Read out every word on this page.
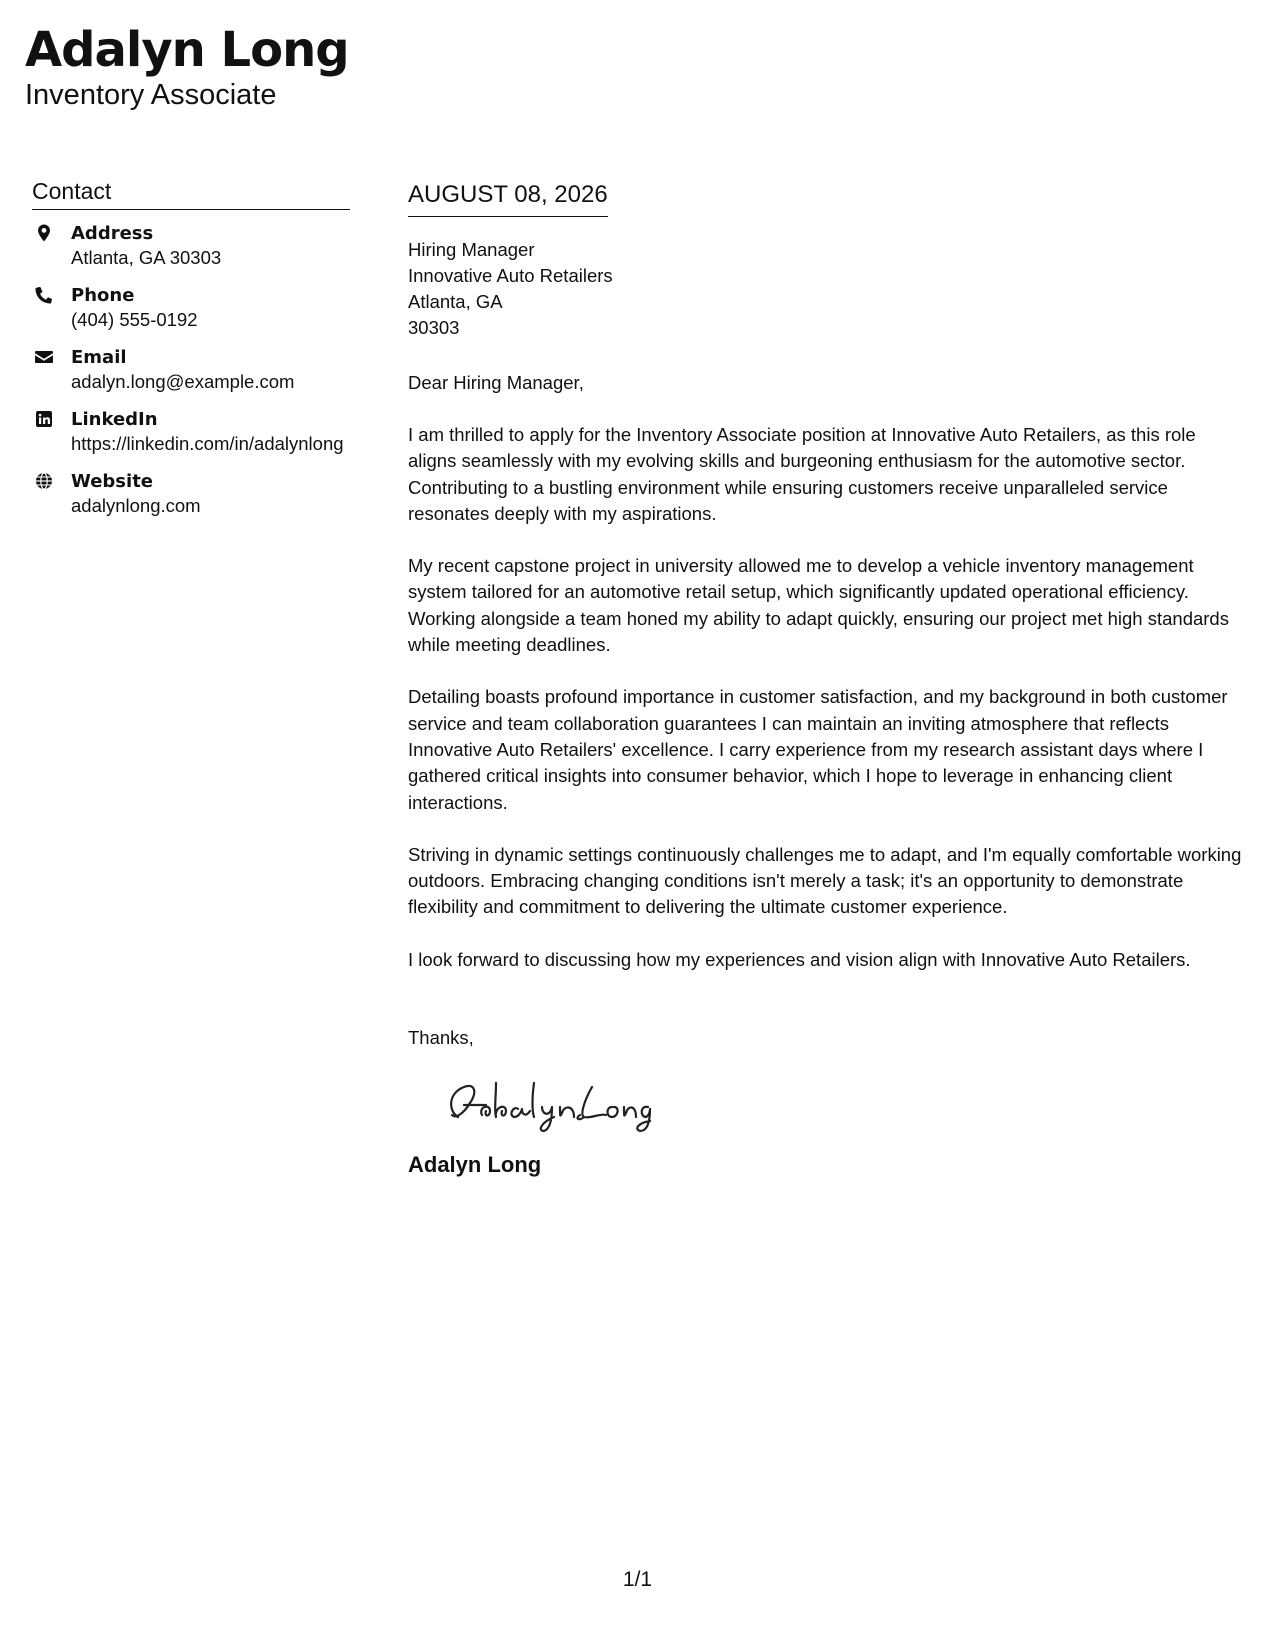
Adalyn Long
Inventory Associate
Contact
Address
Atlanta, GA 30303
Phone
(404) 555-0192
Email
adalyn.long@example.com
LinkedIn
https://linkedin.com/in/adalynlong
Website
adalynlong.com
AUGUST 08, 2026
Hiring Manager
Innovative Auto Retailers
Atlanta, GA
30303
Dear Hiring Manager,
I am thrilled to apply for the Inventory Associate position at Innovative Auto Retailers, as this role aligns seamlessly with my evolving skills and burgeoning enthusiasm for the automotive sector. Contributing to a bustling environment while ensuring customers receive unparalleled service resonates deeply with my aspirations.
My recent capstone project in university allowed me to develop a vehicle inventory management system tailored for an automotive retail setup, which significantly updated operational efficiency. Working alongside a team honed my ability to adapt quickly, ensuring our project met high standards while meeting deadlines.
Detailing boasts profound importance in customer satisfaction, and my background in both customer service and team collaboration guarantees I can maintain an inviting atmosphere that reflects Innovative Auto Retailers' excellence. I carry experience from my research assistant days where I gathered critical insights into consumer behavior, which I hope to leverage in enhancing client interactions.
Striving in dynamic settings continuously challenges me to adapt, and I'm equally comfortable working outdoors. Embracing changing conditions isn't merely a task; it's an opportunity to demonstrate flexibility and commitment to delivering the ultimate customer experience.
I look forward to discussing how my experiences and vision align with Innovative Auto Retailers.
Thanks,
Adalyn Long
1/1
